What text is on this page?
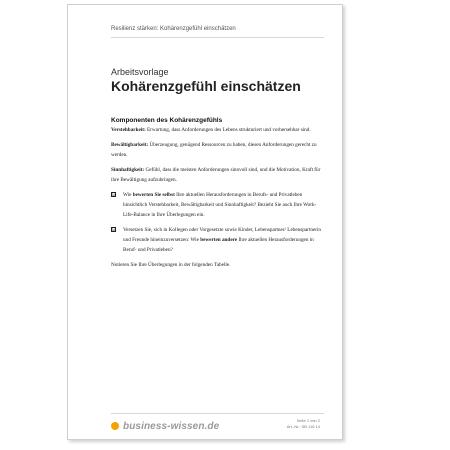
Resilienz stärken: Kohärenzgefühl einschätzen
Arbeitsvorlage
Kohärenzgefühl einschätzen
Komponenten des Kohärenzgefühls

Verstehbarkeit: Erwartung, dass Anforderungen des Lebens strukturiert und vorhersehbar sind.

Bewältigbarkeit: Überzeugung, genügend Ressourcen zu haben, diesen Anforderungen gerecht zu werden.

Sinnhaftigkeit: Gefühl, dass die meisten Anforderungen sinnvoll sind, und die Motivation, Kraft für ihre Bewältigung aufzubringen.

☑ Wie bewerten Sie selbst Ihre aktuellen Herausforderungen in Berufs- und Privatleben hinsichtlich Verstehbarkeit, Bewältigbarkeit und Sinnhaftigkeit? Bezieht Sie auch Ihre Work-Life-Balance in Ihre Überlegungen ein.

☑ Versetzen Sie, sich in Kollegen oder Vorgesetzte sowie Kinder, Lebenspartner/ Lebenspartnerin und Freunde hineinzuversetzen: Wie bewerten andere Ihre aktuellen Herausforderungen in Beruf- und Privatleben?

Notieren Sie Ihre Überlegungen in der folgenden Tabelle.

business-wissen.de	Seite 1 von 2
Art.-Nr.: SB 116 14
